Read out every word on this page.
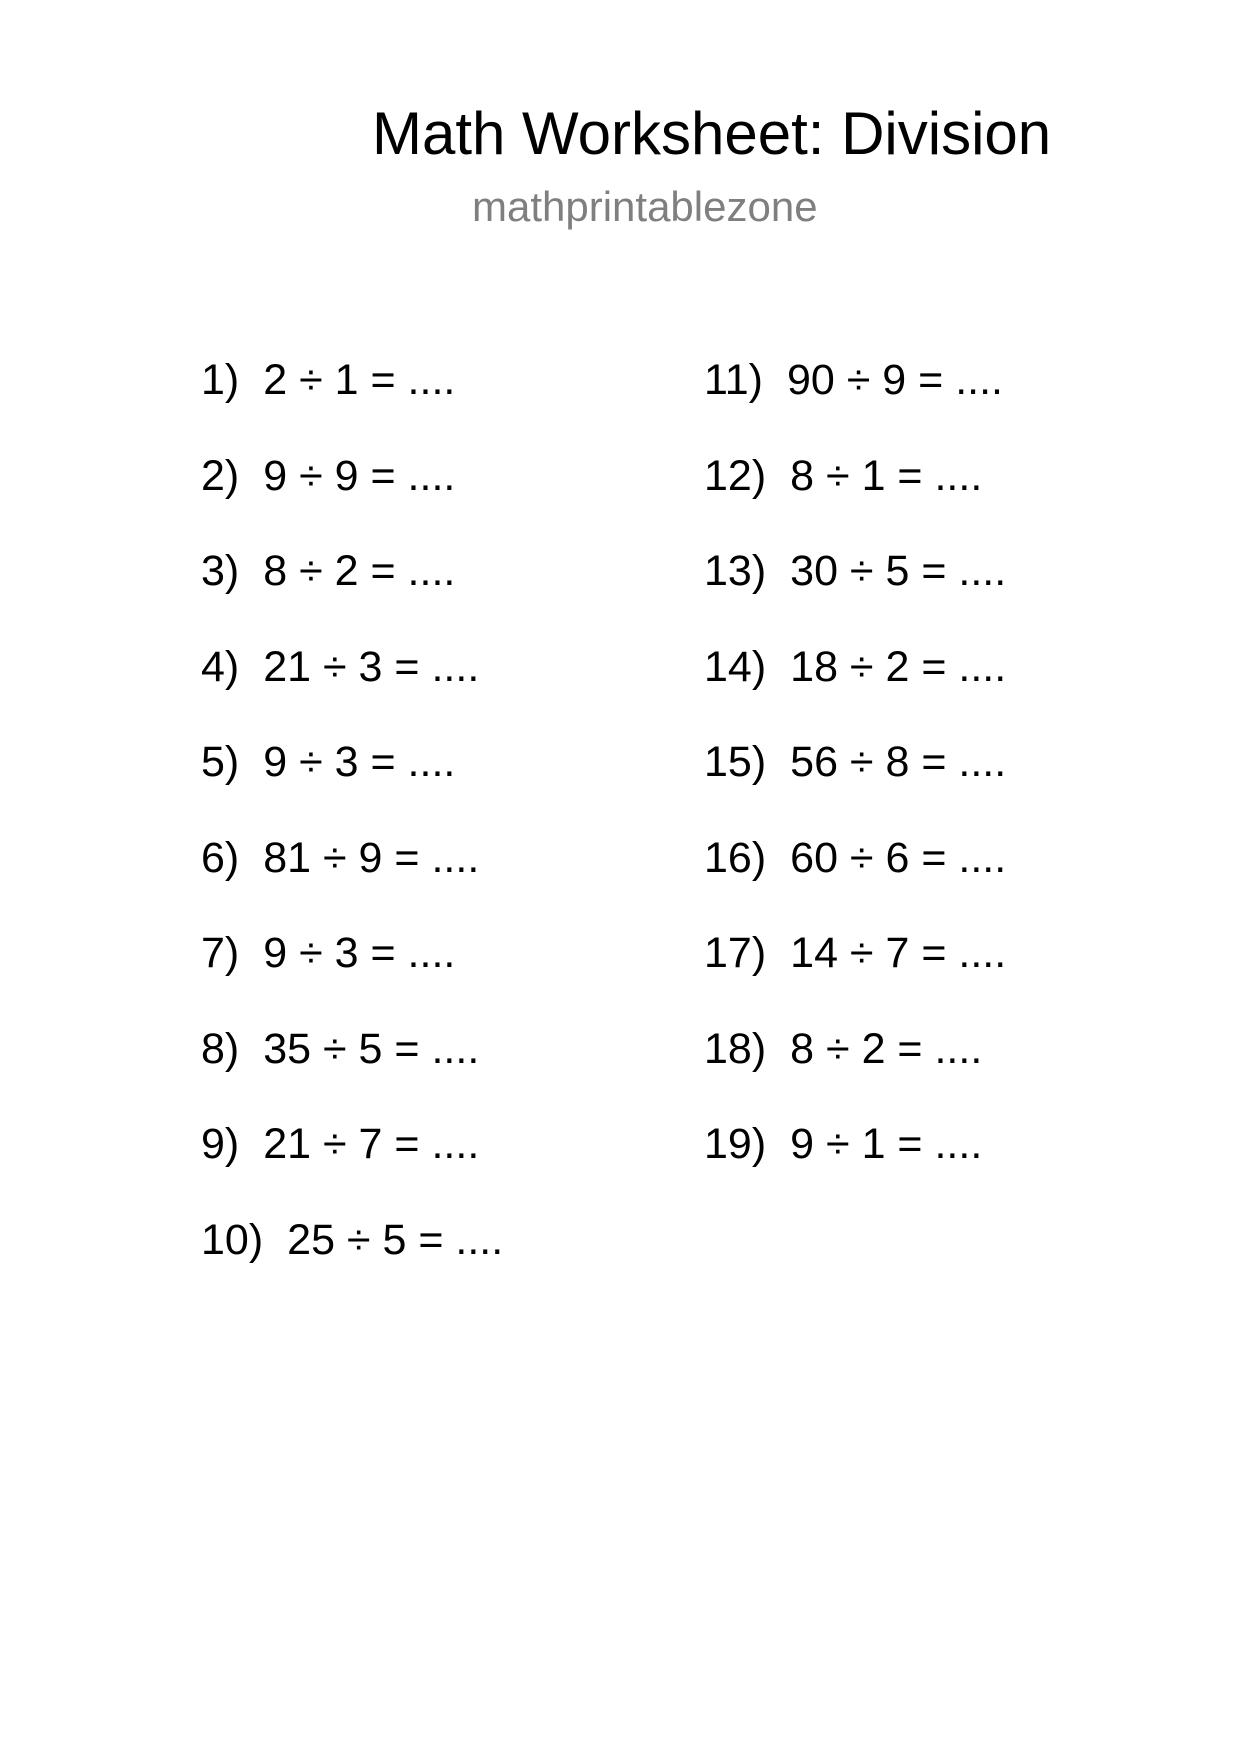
Math Worksheet: Division
mathprintablezone
1) 2 ÷ 1 = ....
2) 9 ÷ 9 = ....
3) 8 ÷ 2 = ....
4) 21 ÷ 3 = ....
5) 9 ÷ 3 = ....
6) 81 ÷ 9 = ....
7) 9 ÷ 3 = ....
8) 35 ÷ 5 = ....
9) 21 ÷ 7 = ....
10) 25 ÷ 5 = ....
11) 90 ÷ 9 = ....
12) 8 ÷ 1 = ....
13) 30 ÷ 5 = ....
14) 18 ÷ 2 = ....
15) 56 ÷ 8 = ....
16) 60 ÷ 6 = ....
17) 14 ÷ 7 = ....
18) 8 ÷ 2 = ....
19) 9 ÷ 1 = ....
